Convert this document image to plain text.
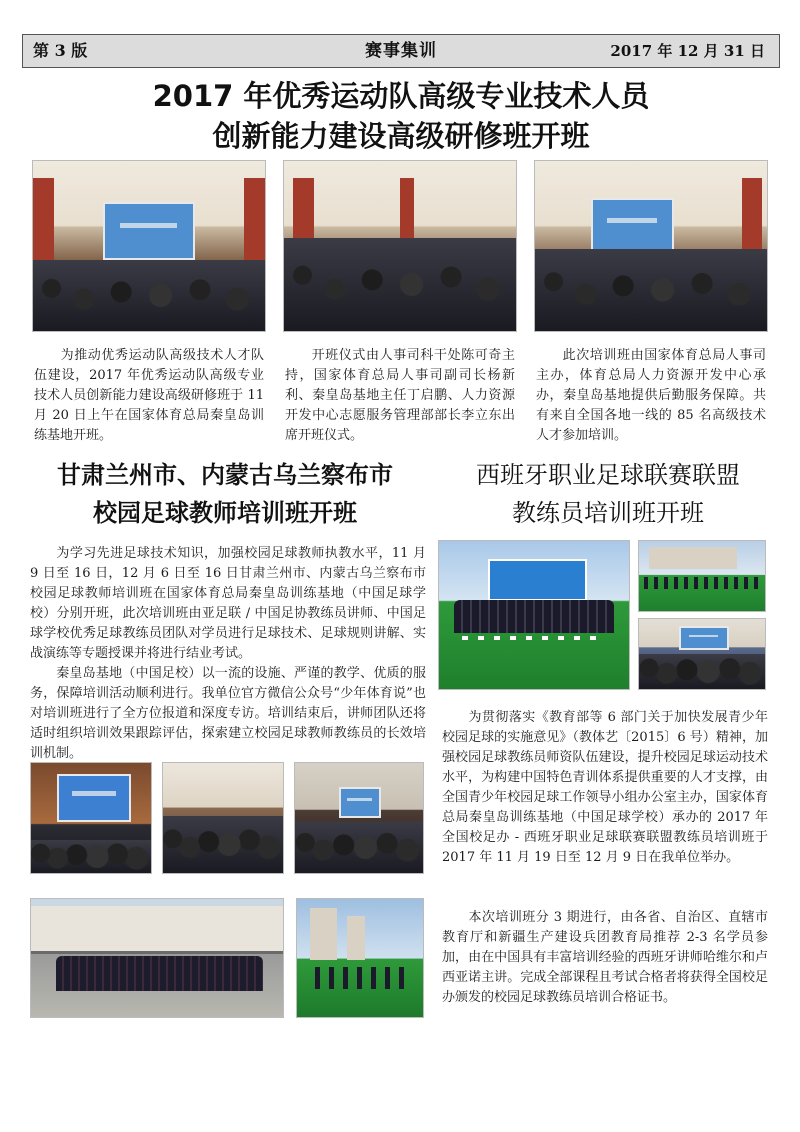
赛事集训
第 3 版	2017 年 12 月 31 日
2017 年优秀运动队高级专业技术人员
创新能力建设高级研修班开班

为推动优秀运动队高级技术人才队伍建设，2017 年优秀运动队高级专业技术人员创新能力建设高级研修班于 11 月 20 日上午在国家体育总局秦皇岛训练基地开班。

开班仪式由人事司科干处陈可奇主持，国家体育总局人事司副司长杨新利、秦皇岛基地主任丁启鹏、人力资源开发中心志愿服务管理部部长李立东出席开班仪式。

此次培训班由国家体育总局人事司主办，体育总局人力资源开发中心承办，秦皇岛基地提供后勤服务保障。共有来自全国各地一线的 85 名高级技术人才参加培训。

甘肃兰州市、内蒙古乌兰察布市
校园足球教师培训班开班
西班牙职业足球联赛联盟
教练员培训班开班

为学习先进足球技术知识，加强校园足球教师执教水平，11 月 9 日至 16 日，12 月 6 日至 16 日甘肃兰州市、内蒙古乌兰察布市校园足球教师培训班在国家体育总局秦皇岛训练基地（中国足球学校）分别开班，此次培训班由亚足联 / 中国足协教练员讲师、中国足球学校优秀足球教练员团队对学员进行足球技术、足球规则讲解、实战演练等专题授课并将进行结业考试。

秦皇岛基地（中国足校）以一流的设施、严谨的教学、优质的服务，保障培训活动顺利进行。我单位官方微信公众号“少年体育说”也对培训班进行了全方位报道和深度专访。培训结束后，讲师团队还将适时组织培训效果跟踪评估，探索建立校园足球教师教练员的长效培训机制。

为贯彻落实《教育部等 6 部门关于加快发展青少年校园足球的实施意见》（教体艺〔2015〕6 号）精神，加强校园足球教练员师资队伍建设，提升校园足球运动技术水平，为构建中国特色青训体系提供重要的人才支撑，由全国青少年校园足球工作领导小组办公室主办，国家体育总局秦皇岛训练基地（中国足球学校）承办的 2017 年全国校足办 - 西班牙职业足球联赛联盟教练员培训班于 2017 年 11 月 19 日至 12 月 9 日在我单位举办。

本次培训班分 3 期进行，由各省、自治区、直辖市教育厅和新疆生产建设兵团教育局推荐 2-3 名学员参加，由在中国具有丰富培训经验的西班牙讲师哈维尔和卢西亚诺主讲。完成全部课程且考试合格者将获得全国校足办颁发的校园足球教练员培训合格证书。
